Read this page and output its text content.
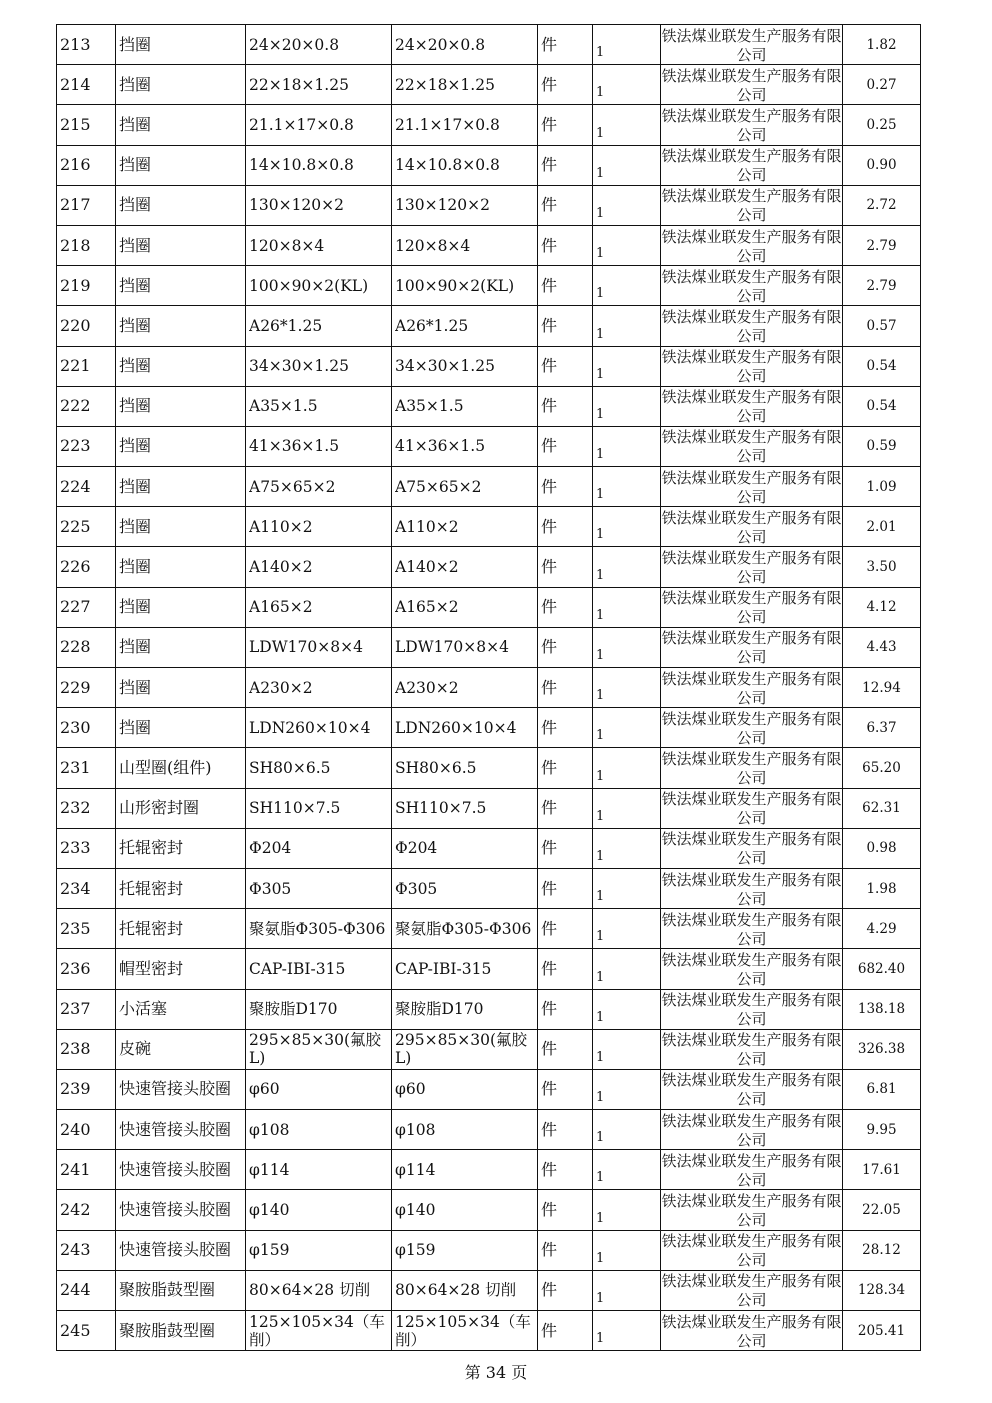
213	挡圈	24×20×0.8	24×20×0.8	件	1	铁法煤业联发生产服务有限公司	1.82

214	挡圈	22×18×1.25	22×18×1.25	件	1	铁法煤业联发生产服务有限公司	0.27

215	挡圈	21.1×17×0.8	21.1×17×0.8	件	1	铁法煤业联发生产服务有限公司	0.25

216	挡圈	14×10.8×0.8	14×10.8×0.8	件	1	铁法煤业联发生产服务有限公司	0.90

217	挡圈	130×120×2	130×120×2	件	1	铁法煤业联发生产服务有限公司	2.72

218	挡圈	120×8×4	120×8×4	件	1	铁法煤业联发生产服务有限公司	2.79

219	挡圈	100×90×2(KL)	100×90×2(KL)	件	1	铁法煤业联发生产服务有限公司	2.79

220	挡圈	A26*1.25	A26*1.25	件	1	铁法煤业联发生产服务有限公司	0.57

221	挡圈	34×30×1.25	34×30×1.25	件	1	铁法煤业联发生产服务有限公司	0.54

222	挡圈	A35×1.5	A35×1.5	件	1	铁法煤业联发生产服务有限公司	0.54

223	挡圈	41×36×1.5	41×36×1.5	件	1	铁法煤业联发生产服务有限公司	0.59

224	挡圈	A75×65×2	A75×65×2	件	1	铁法煤业联发生产服务有限公司	1.09

225	挡圈	A110×2	A110×2	件	1	铁法煤业联发生产服务有限公司	2.01

226	挡圈	A140×2	A140×2	件	1	铁法煤业联发生产服务有限公司	3.50

227	挡圈	A165×2	A165×2	件	1	铁法煤业联发生产服务有限公司	4.12

228	挡圈	LDW170×8×4	LDW170×8×4	件	1	铁法煤业联发生产服务有限公司	4.43

229	挡圈	A230×2	A230×2	件	1	铁法煤业联发生产服务有限公司	12.94

230	挡圈	LDN260×10×4	LDN260×10×4	件	1	铁法煤业联发生产服务有限公司	6.37

231	山型圈(组件)	SH80×6.5	SH80×6.5	件	1	铁法煤业联发生产服务有限公司	65.20

232	山形密封圈	SH110×7.5	SH110×7.5	件	1	铁法煤业联发生产服务有限公司	62.31

233	托辊密封	Φ204	Φ204	件	1	铁法煤业联发生产服务有限公司	0.98

234	托辊密封	Φ305	Φ305	件	1	铁法煤业联发生产服务有限公司	1.98

235	托辊密封	聚氨脂Φ305-Φ306	聚氨脂Φ305-Φ306	件	1	铁法煤业联发生产服务有限公司	4.29

236	帽型密封	CAP-IBI-315	CAP-IBI-315	件	1	铁法煤业联发生产服务有限公司	682.40

237	小活塞	聚胺脂D170	聚胺脂D170	件	1	铁法煤业联发生产服务有限公司	138.18

238	皮碗	295×85×30(氟胶L)	295×85×30(氟胶L)	件	1	铁法煤业联发生产服务有限公司	326.38

239	快速管接头胶圈	φ60	φ60	件	1	铁法煤业联发生产服务有限公司	6.81

240	快速管接头胶圈	φ108	φ108	件	1	铁法煤业联发生产服务有限公司	9.95

241	快速管接头胶圈	φ114	φ114	件	1	铁法煤业联发生产服务有限公司	17.61

242	快速管接头胶圈	φ140	φ140	件	1	铁法煤业联发生产服务有限公司	22.05

243	快速管接头胶圈	φ159	φ159	件	1	铁法煤业联发生产服务有限公司	28.12

244	聚胺脂鼓型圈	80×64×28 切削	80×64×28 切削	件	1	铁法煤业联发生产服务有限公司	128.34

245	聚胺脂鼓型圈	125×105×34（车削）	125×105×34（车削）	件	1	铁法煤业联发生产服务有限公司	205.41
第 34 页
